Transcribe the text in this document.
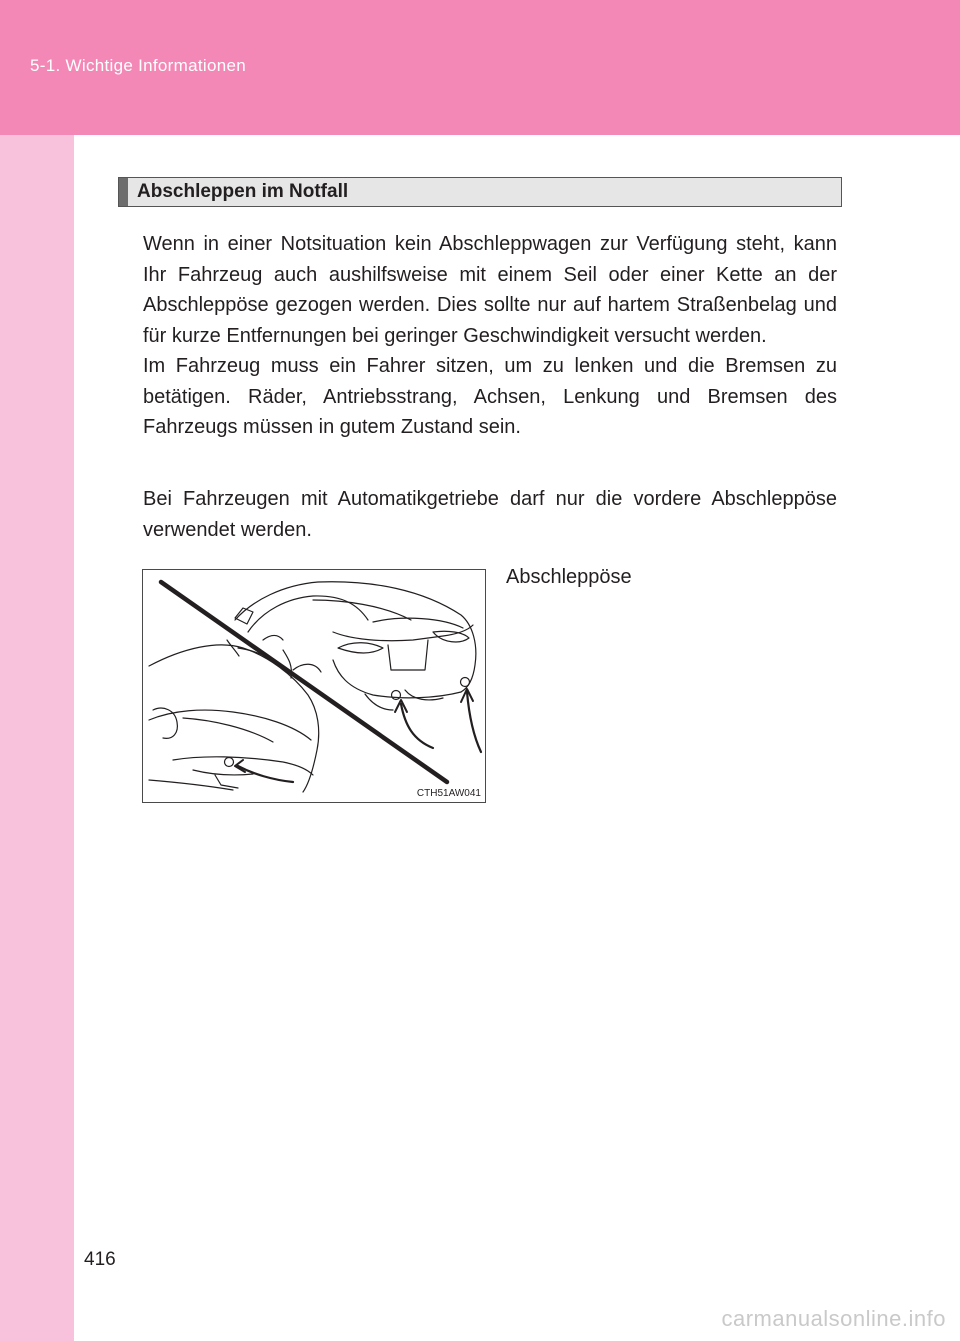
5-1. Wichtige Informationen
Abschleppen im Notfall
Wenn in einer Notsituation kein Abschleppwagen zur Verfügung steht, kann Ihr Fahrzeug auch aushilfsweise mit einem Seil oder einer Kette an der Abschleppöse gezogen werden. Dies sollte nur auf hartem Straßenbelag und für kurze Entfernungen bei geringer Geschwindigkeit versucht werden.
Im Fahrzeug muss ein Fahrer sitzen, um zu lenken und die Bremsen zu betätigen. Räder, Antriebsstrang, Achsen, Lenkung und Bremsen des Fahrzeugs müssen in gutem Zustand sein.
Bei Fahrzeugen mit Automatikgetriebe darf nur die vordere Abschleppöse verwendet werden.
CTH51AW041
Abschleppöse
416
carmanualsonline.info
